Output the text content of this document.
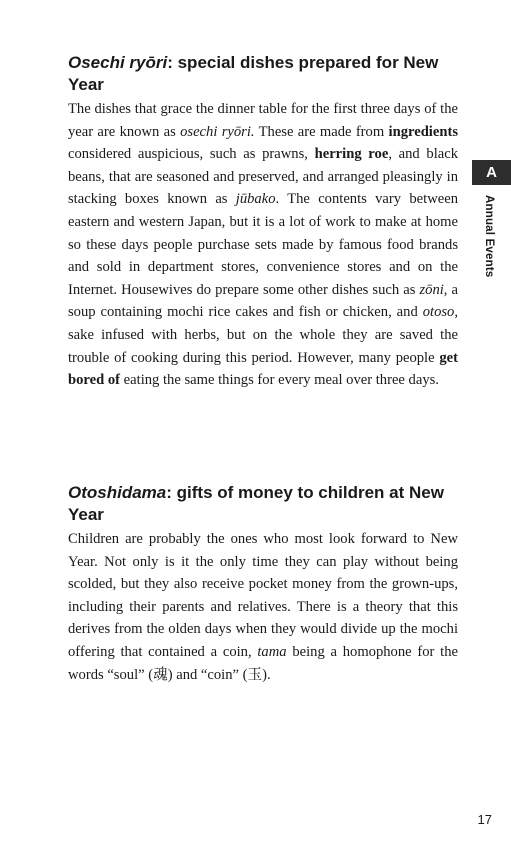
Osechi ryōri: special dishes prepared for New Year

The dishes that grace the dinner table for the first three days of the year are known as osechi ryōri. These are made from ingredients considered auspicious, such as prawns, herring roe, and black beans, that are seasoned and preserved, and arranged pleasingly in stacking boxes known as jūbako. The contents vary between eastern and western Japan, but it is a lot of work to make at home so these days people purchase sets made by famous food brands and sold in department stores, convenience stores and on the Internet. Housewives do prepare some other dishes such as zōni, a soup containing mochi rice cakes and fish or chicken, and otoso, sake infused with herbs, but on the whole they are saved the trouble of cooking during this period. However, many people get bored of eating the same things for every meal over three days.

Otoshidama: gifts of money to children at New Year

Children are probably the ones who most look forward to New Year. Not only is it the only time they can play without being scolded, but they also receive pocket money from the grown-ups, including their parents and relatives. There is a theory that this derives from the olden days when they would divide up the mochi offering that contained a coin, tama being a homophone for the words “soul” (魂) and “coin” (玉).

A
Annual Events
17
